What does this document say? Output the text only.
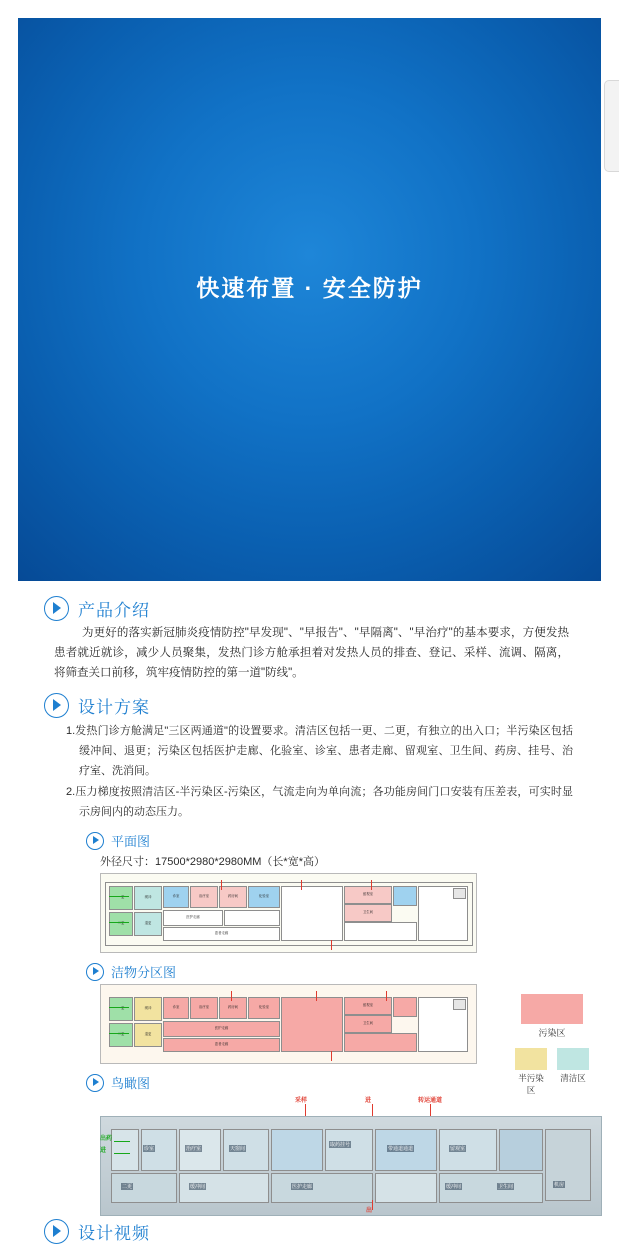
快速布置 · 安全防护
产品介绍

为更好的落实新冠肺炎疫情防控"早发现"、"早报告"、"早隔离"、"早治疗"的基本要求，方便发热患者就近就诊，减少人员聚集，发热门诊方舱承担着对发热人员的排查、登记、采样、流调、隔离，将筛查关口前移，筑牢疫情防控的第一道"防线"。

设计方案
1.发热门诊方舱满足"三区两通道"的设置要求。清洁区包括一更、二更，有独立的出入口；半污染区包括缓冲间、退更；污染区包括医护走廊、化验室、诊室、患者走廊、留观室、卫生间、药房、挂号、治疗室、洗消间。
2.压力梯度按照清洁区-半污染区-污染区，气流走向为单向流；各功能房间门口安装有压差表，可实时显示房间内的动态压力。
平面图
外径尺寸：17500*2980*2980MM（长*宽*高）
一更
二更
缓冲
退更
诊室	治疗室	药房间	化验室
医护走廊
患者走廊
留观室
卫生间
洁物分区图
一更
二更
缓冲
退更
诊室	治疗室	药房间	化验室
医护走廊
患者走廊
留观室
卫生间
污染区
半污染区
清洁区
鸟瞰图
采样	进	转运通道
诊室	治疗室	天窗间
取药挂号
带通道通道	留观室
机房
二更	缓冲间	医护走廊	缓冲间	卫生间
出药
进
出
设计视频
